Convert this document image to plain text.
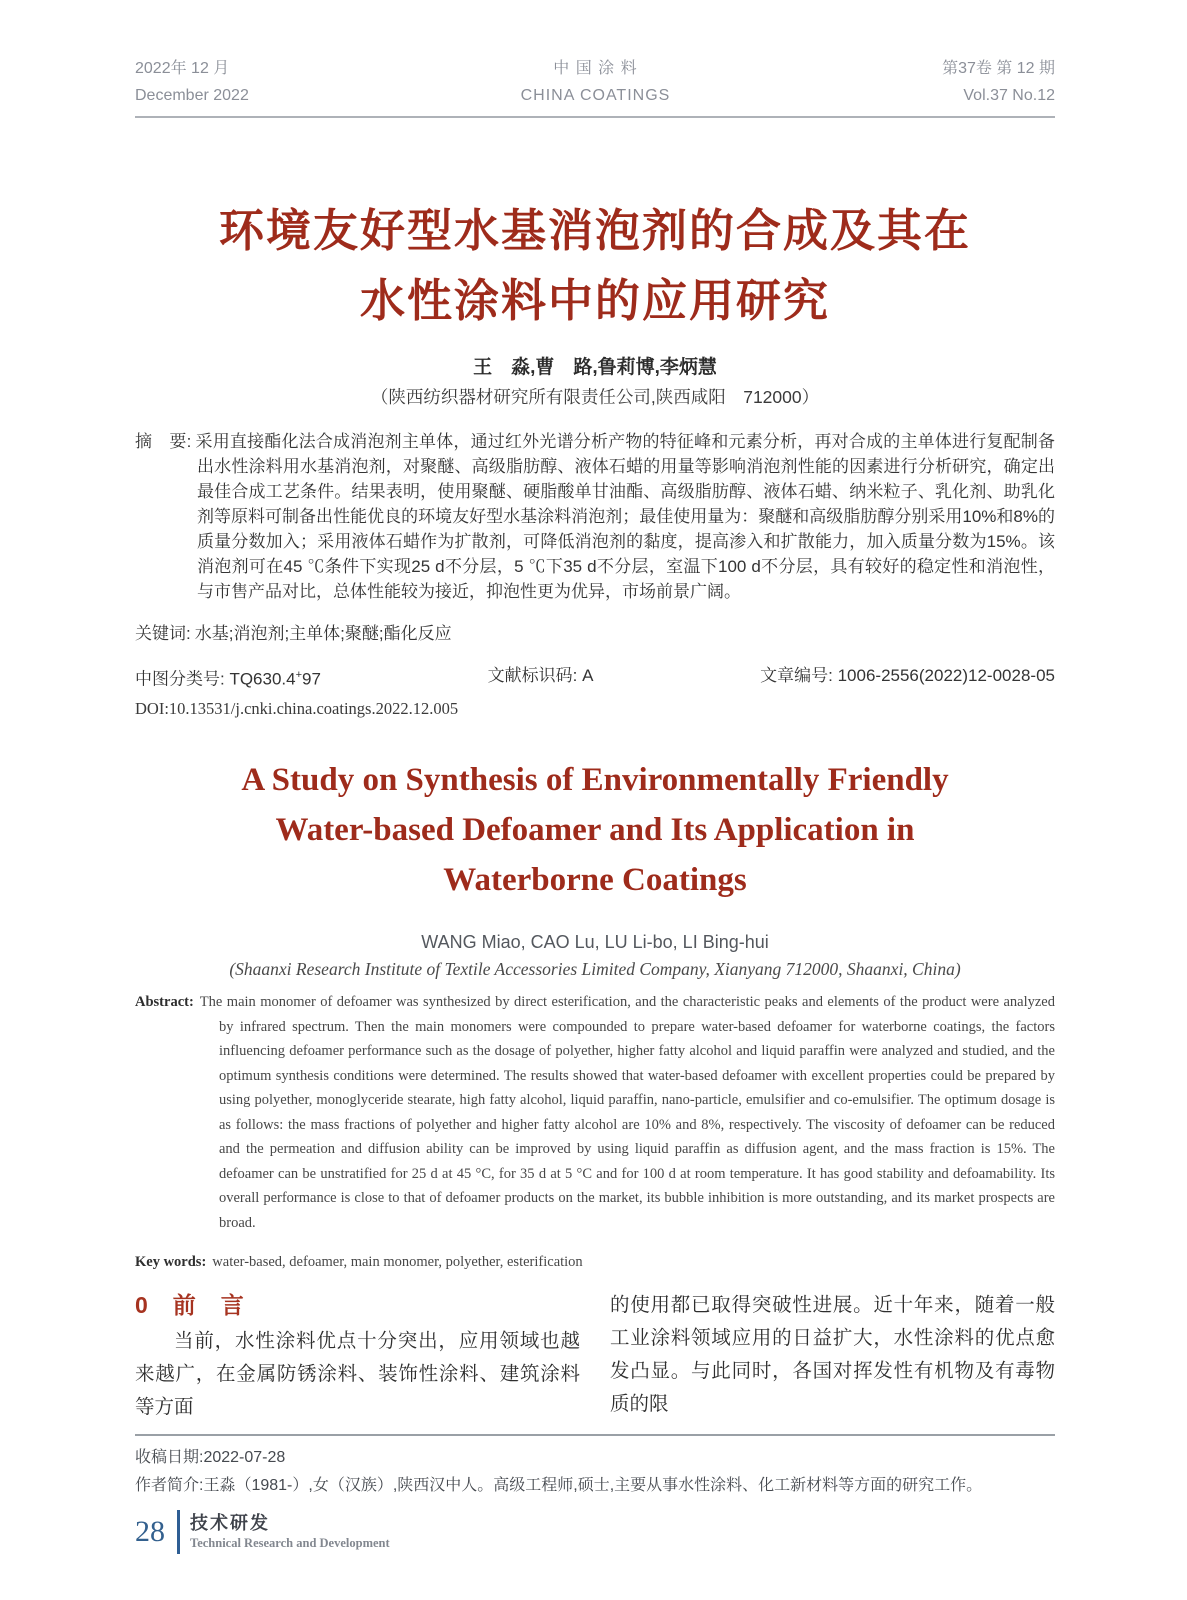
2022年 12 月
December 2022
中 国 涂 料
CHINA COATINGS
第37卷 第 12 期
Vol.37 No.12
环境友好型水基消泡剂的合成及其在
水性涂料中的应用研究
王　淼,曹　路,鲁莉博,李炳慧
（陕西纺织器材研究所有限责任公司,陕西咸阳　712000）

摘　要: 采用直接酯化法合成消泡剂主单体，通过红外光谱分析产物的特征峰和元素分析，再对合成的主单体进行复配制备出水性涂料用水基消泡剂，对聚醚、高级脂肪醇、液体石蜡的用量等影响消泡剂性能的因素进行分析研究，确定出最佳合成工艺条件。结果表明，使用聚醚、硬脂酸单甘油酯、高级脂肪醇、液体石蜡、纳米粒子、乳化剂、助乳化剂等原料可制备出性能优良的环境友好型水基涂料消泡剂；最佳使用量为：聚醚和高级脂肪醇分别采用10%和8%的质量分数加入；采用液体石蜡作为扩散剂，可降低消泡剂的黏度，提高渗入和扩散能力，加入质量分数为15%。该消泡剂可在45 ℃条件下实现25 d不分层，5 ℃下35 d不分层，室温下100 d不分层，具有较好的稳定性和消泡性，与市售产品对比，总体性能较为接近，抑泡性更为优异，市场前景广阔。

关键词: 水基;消泡剂;主单体;聚醚;酯化反应

中图分类号: TQ630.4+97	文献标识码: A	文章编号: 1006-2556(2022)12-0028-05
DOI:10.13531/j.cnki.china.coatings.2022.12.005
A Study on Synthesis of Environmentally Friendly
Water-based Defoamer and Its Application in
Waterborne Coatings
WANG Miao, CAO Lu, LU Li-bo, LI Bing-hui
(Shaanxi Research Institute of Textile Accessories Limited Company, Xianyang 712000, Shaanxi, China)

Abstract: The main monomer of defoamer was synthesized by direct esterification, and the characteristic peaks and elements of the product were analyzed by infrared spectrum. Then the main monomers were compounded to prepare water-based defoamer for waterborne coatings, the factors influencing defoamer performance such as the dosage of polyether, higher fatty alcohol and liquid paraffin were analyzed and studied, and the optimum synthesis conditions were determined. The results showed that water-based defoamer with excellent properties could be prepared by using polyether, monoglyceride stearate, high fatty alcohol, liquid paraffin, nano-particle, emulsifier and co-emulsifier. The optimum dosage is as follows: the mass fractions of polyether and higher fatty alcohol are 10% and 8%, respectively. The viscosity of defoamer can be reduced and the permeation and diffusion ability can be improved by using liquid paraffin as diffusion agent, and the mass fraction is 15%. The defoamer can be unstratified for 25 d at 45 °C, for 35 d at 5 °C and for 100 d at room temperature. It has good stability and defoamability. Its overall performance is close to that of defoamer products on the market, its bubble inhibition is more outstanding, and its market prospects are broad.

Key words: water-based, defoamer, main monomer, polyether, esterification

0　前　言

当前，水性涂料优点十分突出，应用领域也越来越广，在金属防锈涂料、装饰性涂料、建筑涂料等方面

的使用都已取得突破性进展。近十年来，随着一般工业涂料领域应用的日益扩大，水性涂料的优点愈发凸显。与此同时，各国对挥发性有机物及有毒物质的限

收稿日期:2022-07-28

作者简介:王淼（1981-）,女（汉族）,陕西汉中人。高级工程师,硕士,主要从事水性涂料、化工新材料等方面的研究工作。

28 技术研发
Technical Research and Development
